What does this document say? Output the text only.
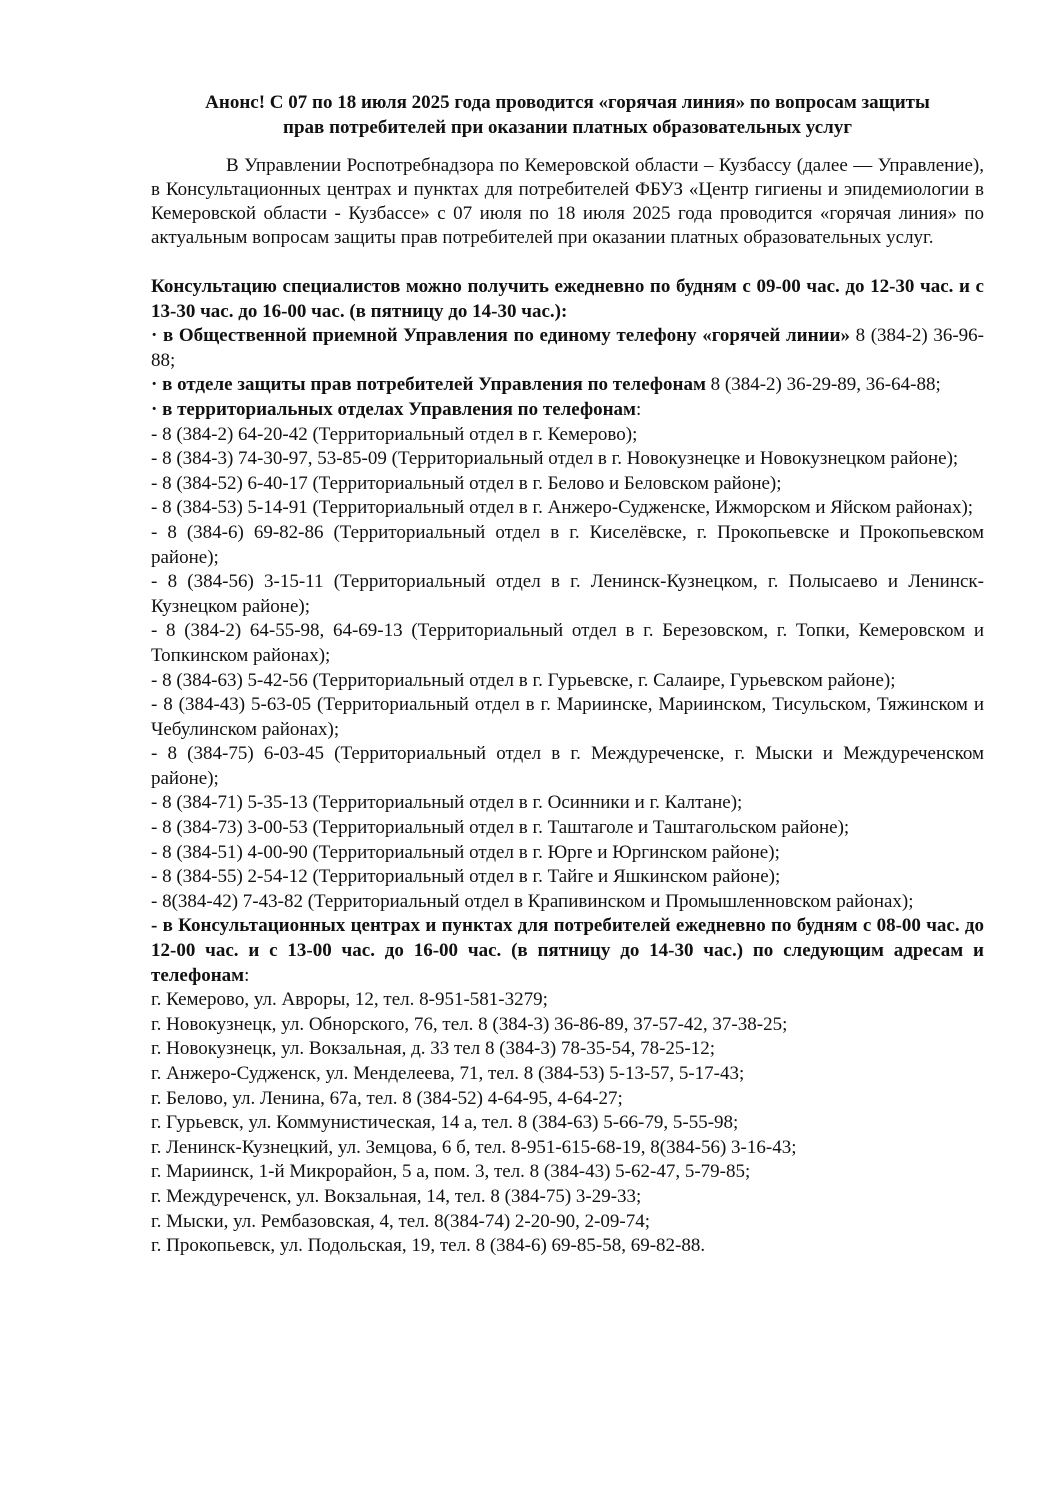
Анонс! С 07 по 18 июля 2025 года проводится «горячая линия» по вопросам защиты
прав потребителей при оказании платных образовательных услуг

В Управлении Роспотребнадзора по Кемеровской области – Кузбассу (далее — Управление), в Консультационных центрах и пунктах для потребителей ФБУЗ «Центр гигиены и эпидемиологии в Кемеровской области - Кузбассе» с 07 июля по 18 июля 2025 года проводится «горячая линия» по актуальным вопросам защиты прав потребителей при оказании платных образовательных услуг.

Консультацию специалистов можно получить ежедневно по будням с 09-00 час. до 12-30 час. и с 13-30 час. до 16-00 час. (в пятницу до 14-30 час.):

· в Общественной приемной Управления по единому телефону «горячей линии» 8 (384-2) 36-96-88;

· в отделе защиты прав потребителей Управления по телефонам 8 (384-2) 36-29-89, 36-64-88;

· в территориальных отделах Управления по телефонам:

- 8 (384-2) 64-20-42 (Территориальный отдел в г. Кемерово);

- 8 (384-3) 74-30-97, 53-85-09 (Территориальный отдел в г. Новокузнецке и Новокузнецком районе);

- 8 (384-52) 6-40-17 (Территориальный отдел в г. Белово и Беловском районе);

- 8 (384-53) 5-14-91 (Территориальный отдел в г. Анжеро-Судженске, Ижморском и Яйском районах);

- 8 (384-6) 69-82-86 (Территориальный отдел в г. Киселёвске, г. Прокопьевске и Прокопьевском районе);

- 8 (384-56) 3-15-11 (Территориальный отдел в г. Ленинск-Кузнецком, г. Полысаево и Ленинск-Кузнецком районе);

- 8 (384-2) 64-55-98, 64-69-13 (Территориальный отдел в г. Березовском, г. Топки, Кемеровском и Топкинском районах);

- 8 (384-63) 5-42-56 (Территориальный отдел в г. Гурьевске, г. Салаире, Гурьевском районе);

- 8 (384-43) 5-63-05 (Территориальный отдел в г. Мариинске, Мариинском, Тисульском, Тяжинском и Чебулинском районах);

- 8 (384-75) 6-03-45 (Территориальный отдел в г. Междуреченске, г. Мыски и Междуреченском районе);

- 8 (384-71) 5-35-13 (Территориальный отдел в г. Осинники и г. Калтане);

- 8 (384-73) 3-00-53 (Территориальный отдел в г. Таштаголе и Таштагольском районе);

- 8 (384-51) 4-00-90 (Территориальный отдел в г. Юрге и Юргинском районе);

- 8 (384-55) 2-54-12 (Территориальный отдел в г. Тайге и Яшкинском районе);

- 8(384-42) 7-43-82 (Территориальный отдел в Крапивинском и Промышленновском районах);

- в Консультационных центрах и пунктах для потребителей ежедневно по будням с 08-00 час. до 12-00 час. и с 13-00 час. до 16-00 час. (в пятницу до 14-30 час.) по следующим адресам и телефонам:

г. Кемерово, ул. Авроры, 12, тел. 8-951-581-3279;

г. Новокузнецк, ул. Обнорского, 76, тел. 8 (384-3) 36-86-89, 37-57-42, 37-38-25;

г. Новокузнецк, ул. Вокзальная, д. 33 тел 8 (384-3) 78-35-54, 78-25-12;

г. Анжеро-Судженск, ул. Менделеева, 71, тел. 8 (384-53) 5-13-57, 5-17-43;

г. Белово, ул. Ленина, 67а, тел. 8 (384-52) 4-64-95, 4-64-27;

г. Гурьевск, ул. Коммунистическая, 14 а, тел. 8 (384-63) 5-66-79, 5-55-98;

г. Ленинск-Кузнецкий, ул. Земцова, 6 б, тел. 8-951-615-68-19, 8(384-56) 3-16-43;

г. Мариинск, 1-й Микрорайон, 5 а, пом. 3, тел. 8 (384-43) 5-62-47, 5-79-85;

г. Междуреченск, ул. Вокзальная, 14, тел. 8 (384-75) 3-29-33;

г. Мыски, ул. Рембазовская, 4, тел. 8(384-74) 2-20-90, 2-09-74;

г. Прокопьевск, ул. Подольская, 19, тел. 8 (384-6) 69-85-58, 69-82-88.
